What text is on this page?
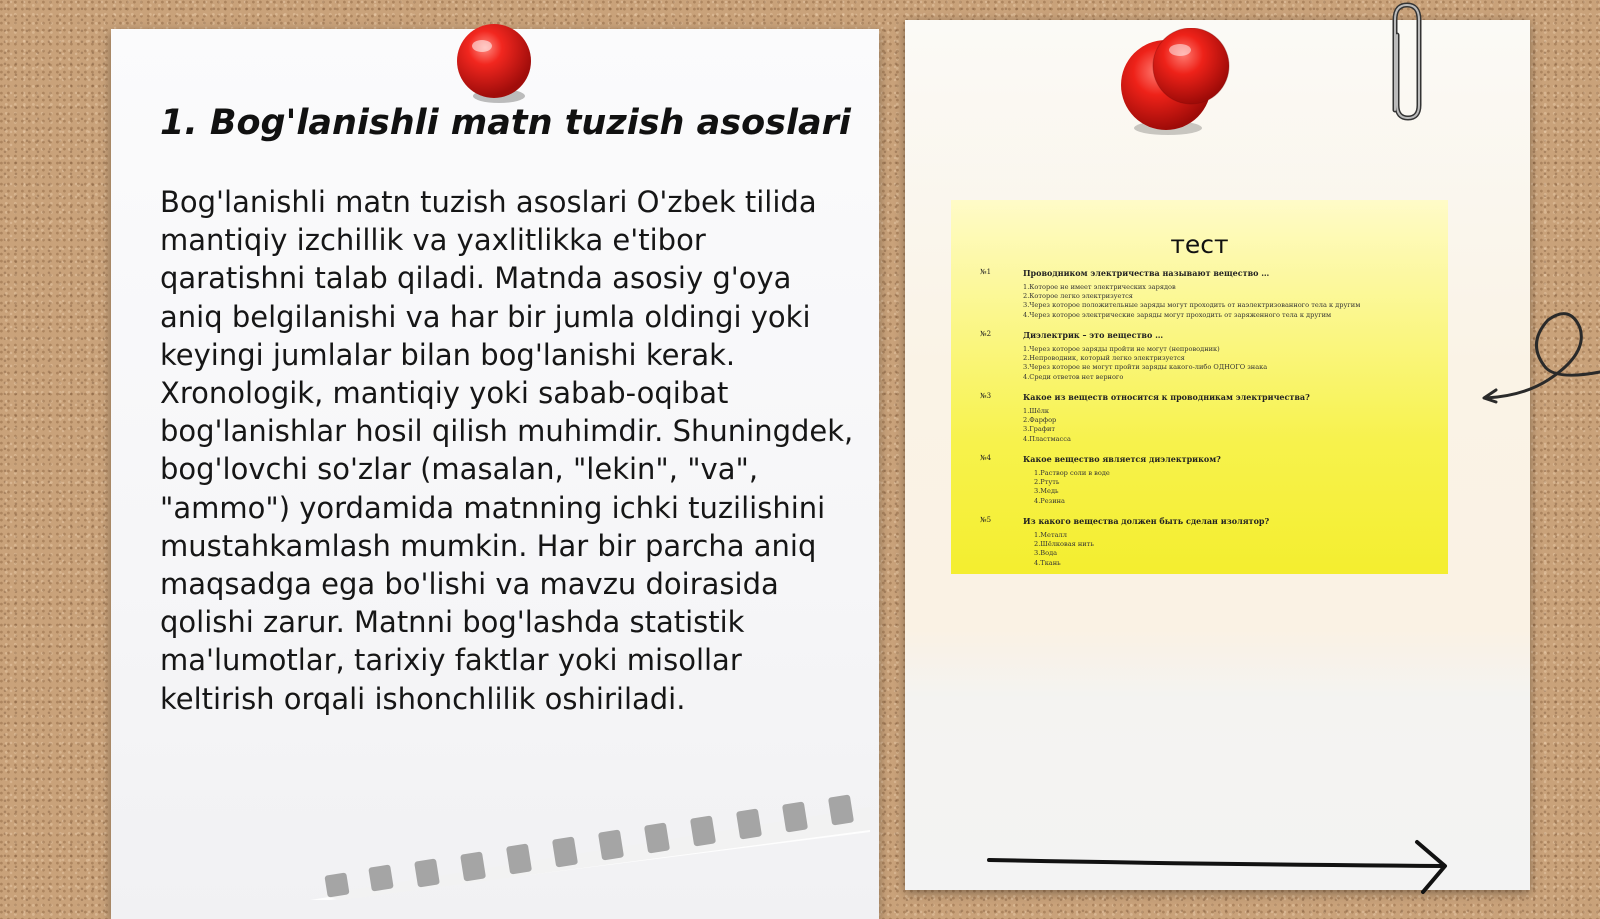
1. Bog'lanishli matn tuzish asoslari

Bog'lanishli matn tuzish asoslari O'zbek tilida mantiqiy izchillik va yaxlitlikka e'tibor qaratishni talab qiladi. Matnda asosiy g'oya aniq belgilanishi va har bir jumla oldingi yoki keyingi jumlalar bilan bog'lanishi kerak. Xronologik, mantiqiy yoki sabab-oqibat bog'lanishlar hosil qilish muhimdir. Shuningdek, bog'lovchi so'zlar (masalan, "lekin", "va", "ammo") yordamida matnning ichki tuzilishini mustahkamlash mumkin. Har bir parcha aniq maqsadga ega bo'lishi va mavzu doirasida qolishi zarur. Matnni bog'lashda statistik ma'lumotlar, tarixiy faktlar yoki misollar keltirish orqali ishonchlilik oshiriladi.

тест
№1	Проводником электричества называют вещество …
1.Которое не имеет электрических зарядов
2.Которое легко электризуется
3.Через которое положительные заряды могут проходить от наэлектризованного тела к другим
4.Через которое электрические заряды могут проходить от заряженного тела к другим
№2	Диэлектрик – это вещество …
1.Через которое заряды пройти не могут (непроводник)
2.Непроводник, который легко электризуется
3.Через которое не могут пройти заряды какого-либо ОДНОГО знака
4.Среди ответов нет верного
№3	Какое из веществ относится к проводникам электричества?
1.Шёлк
2.Фарфор
3.Графит
4.Пластмасса
№4	Какое вещество является диэлектриком?
1.Раствор соли в воде
2.Ртуть
3.Медь
4.Резина
№5	Из какого вещества должен быть сделан изолятор?
1.Металл
2.Шёлковая нить
3.Вода
4.Ткань
